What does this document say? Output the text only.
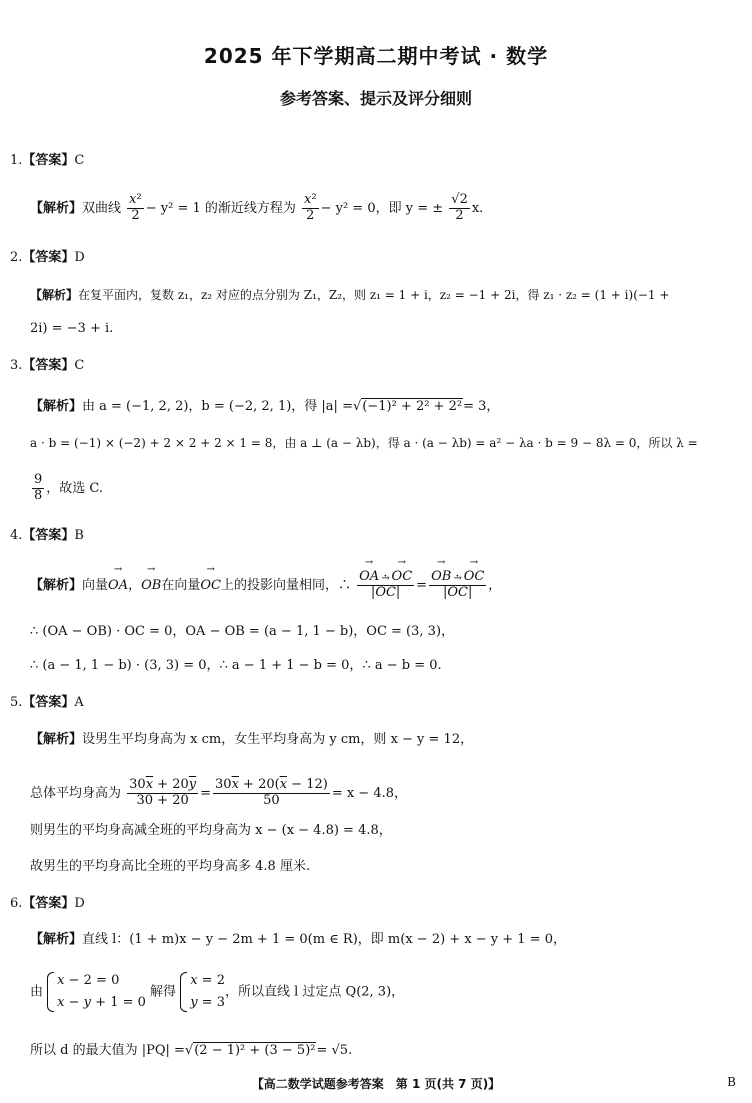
2025 年下学期高二期中考试 · 数学
参考答案、提示及评分细则
1.【答案】C
【解析】双曲线 $\frac{\text{x²}}{2} - y^2 = 1$ 的渐近线方程为 $\frac{\text{x²}}{2} - y^2 = 0$，即 y = ± $\frac{√2}{2} x$.
2.【答案】D
【解析】在复平面内，复数 z₁，z₂ 对应的点分别为 Z₁，Z₂，则 z₁ = 1 + i，z₂ = −1 + 2i，得 z₁ · z₂ = (1 + i)(−1 +
2i) = −3 + i.
3.【答案】C
【解析】由 a = (−1, 2, 2)，b = (−2, 2, 1)，得 |a| =√(−1)² + 2² + 2²= 3，
a · b = (−1) × (−2) + 2 × 2 + 2 × 1 = 8，由 a ⊥ (a − λb)，得 a · (a − λb) = a² − λa · b = 9 − 8λ = 0，所以 λ =
$\frac{9}{8}$ ，故选 C.
4.【答案】B
【解析】向量→ OA，→ OB在向量→ OC上的投影向量相同，∴ → $\frac{OA \cdot \to OC}{|\to OC|}$ = → $\frac{OB \cdot \to OC}{|\to OC|}$ ，
∴ (OA − OB) · OC = 0，OA − OB = (a − 1, 1 − b)，OC = (3, 3)，
∴ (a − 1, 1 − b) · (3, 3) = 0，∴ a − 1 + 1 − b = 0，∴ a − b = 0.
5.【答案】A
【解析】设男生平均身高为 x cm，女生平均身高为 y cm，则 x − y = 12，
总体平均身高为 $\frac{30\overline{x} + 20\overline{y}}{30 + 20} = \frac{30\overline{x} + 20(\overline{x} - 12)}{50} = x - 4.8$，
则男生的平均身高减全班的平均身高为 x − (x − 4.8) = 4.8，
故男生的平均身高比全班的平均身高多 4.8 厘米.
6.【答案】D
【解析】直线 l：(1 + m)x − y − 2m + 1 = 0(m ∈ R)，即 m(x − 2) + x − y + 1 = 0，
由
x − 2 = 0
x − y + 1 = 0
解得
x = 2
y = 3
，所以直线 l 过定点 Q(2, 3)，
所以 d 的最大值为 |PQ| =√(2 − 1)² + (3 − 5)²= √5.
【高二数学试题参考答案　第 1 页(共 7 页)】	B
